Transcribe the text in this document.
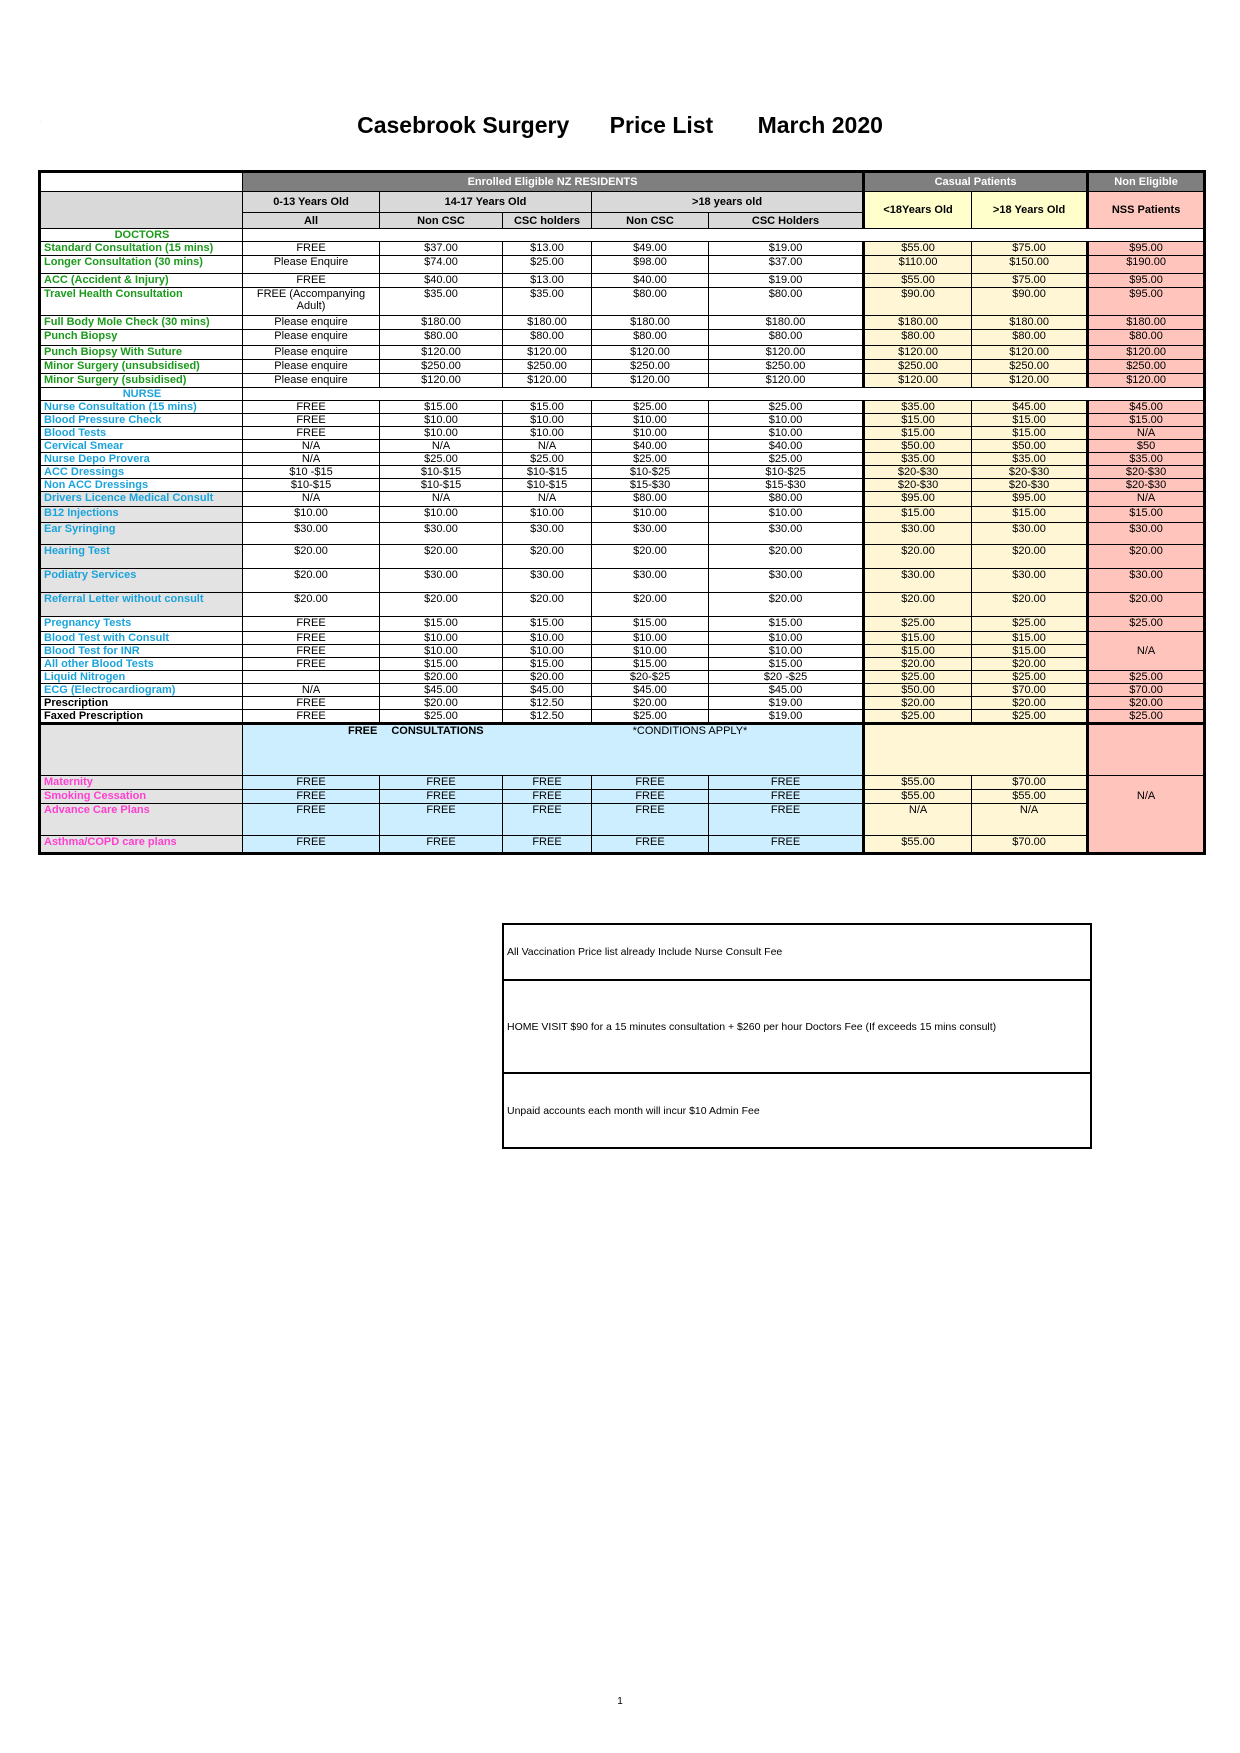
.	Casebrook Surgery Price List March 2020
	Enrolled Eligible NZ RESIDENTS					Casual Patients		Non Eligible
	0-13 Years Old	14-17 Years Old		>18 years old		<18Years Old	>18 Years Old	NSS Patients
	All	Non CSC	CSC holders	Non CSC	CSC Holders			
DOCTORS								
Standard Consultation (15 mins)	FREE	$37.00	$13.00	$49.00	$19.00	$55.00	$75.00	$95.00
Longer Consultation (30 mins)	Please Enquire	$74.00	$25.00	$98.00	$37.00	$110.00	$150.00	$190.00
ACC (Accident & Injury)	FREE	$40.00	$13.00	$40.00	$19.00	$55.00	$75.00	$95.00
Travel Health Consultation	FREE (Accompanying Adult)	$35.00	$35.00	$80.00	$80.00	$90.00	$90.00	$95.00
Full Body Mole Check (30 mins)	Please enquire	$180.00	$180.00	$180.00	$180.00	$180.00	$180.00	$180.00
Punch Biopsy	Please enquire	$80.00	$80.00	$80.00	$80.00	$80.00	$80.00	$80.00
Punch Biopsy With Suture	Please enquire	$120.00	$120.00	$120.00	$120.00	$120.00	$120.00	$120.00
Minor Surgery (unsubsidised)	Please enquire	$250.00	$250.00	$250.00	$250.00	$250.00	$250.00	$250.00
Minor Surgery (subsidised)	Please enquire	$120.00	$120.00	$120.00	$120.00	$120.00	$120.00	$120.00
NURSE								
Nurse Consultation (15 mins)	FREE	$15.00	$15.00	$25.00	$25.00	$35.00	$45.00	$45.00
Blood Pressure Check	FREE	$10.00	$10.00	$10.00	$10.00	$15.00	$15.00	$15.00
Blood Tests	FREE	$10.00	$10.00	$10.00	$10.00	$15.00	$15.00	N/A
Cervical Smear	N/A	N/A	N/A	$40.00	$40.00	$50.00	$50.00	$50
Nurse Depo Provera	N/A	$25.00	$25.00	$25.00	$25.00	$35.00	$35.00	$35.00
ACC Dressings	$10 -$15	$10-$15	$10-$15	$10-$25	$10-$25	$20-$30	$20-$30	$20-$30
Non ACC Dressings	$10-$15	$10-$15	$10-$15	$15-$30	$15-$30	$20-$30	$20-$30	$20-$30
Drivers Licence Medical Consult	N/A	N/A	N/A	$80.00	$80.00	$95.00	$95.00	N/A
B12 Injections	$10.00	$10.00	$10.00	$10.00	$10.00	$15.00	$15.00	$15.00
Ear Syringing	$30.00	$30.00	$30.00	$30.00	$30.00	$30.00	$30.00	$30.00
Hearing Test	$20.00	$20.00	$20.00	$20.00	$20.00	$20.00	$20.00	$20.00
Podiatry Services	$20.00	$30.00	$30.00	$30.00	$30.00	$30.00	$30.00	$30.00
Referral Letter without consult	$20.00	$20.00	$20.00	$20.00	$20.00	$20.00	$20.00	$20.00
Pregnancy Tests	FREE	$15.00	$15.00	$15.00	$15.00	$25.00	$25.00	$25.00
Blood Test with Consult	FREE	$10.00	$10.00	$10.00	$10.00	$15.00	$15.00	N/A
Blood Test for INR	FREE	$10.00	$10.00	$10.00	$10.00	$15.00	$15.00	
All other Blood Tests	FREE	$15.00	$15.00	$15.00	$15.00	$20.00	$20.00	
Liquid Nitrogen		$20.00	$20.00	$20-$25	$20 -$25	$25.00	$25.00	$25.00
ECG (Electrocardiogram)	N/A	$45.00	$45.00	$45.00	$45.00	$50.00	$70.00	$70.00
Prescription	FREE	$20.00	$12.50	$20.00	$19.00	$20.00	$20.00	$20.00
Faxed Prescription	FREE	$25.00	$12.50	$25.00	$19.00	$25.00	$25.00	$25.00
	FREE CONSULTATIONS *CONDITIONS APPLY*							
Maternity	FREE	FREE	FREE	FREE	FREE	$55.00	$70.00	N/A
Smoking Cessation	FREE	FREE	FREE	FREE	FREE	$55.00	$55.00	
Advance Care Plans	FREE	FREE	FREE	FREE	FREE	N/A	N/A	
Asthma/COPD care plans	FREE	FREE	FREE	FREE	FREE	$55.00	$70.00	
All Vaccination Price list already Include Nurse Consult Fee
HOME VISIT $90 for a 15 minutes consultation + $260 per hour Doctors Fee (If exceeds 15 mins consult)
Unpaid accounts each month will incur $10 Admin Fee
1
